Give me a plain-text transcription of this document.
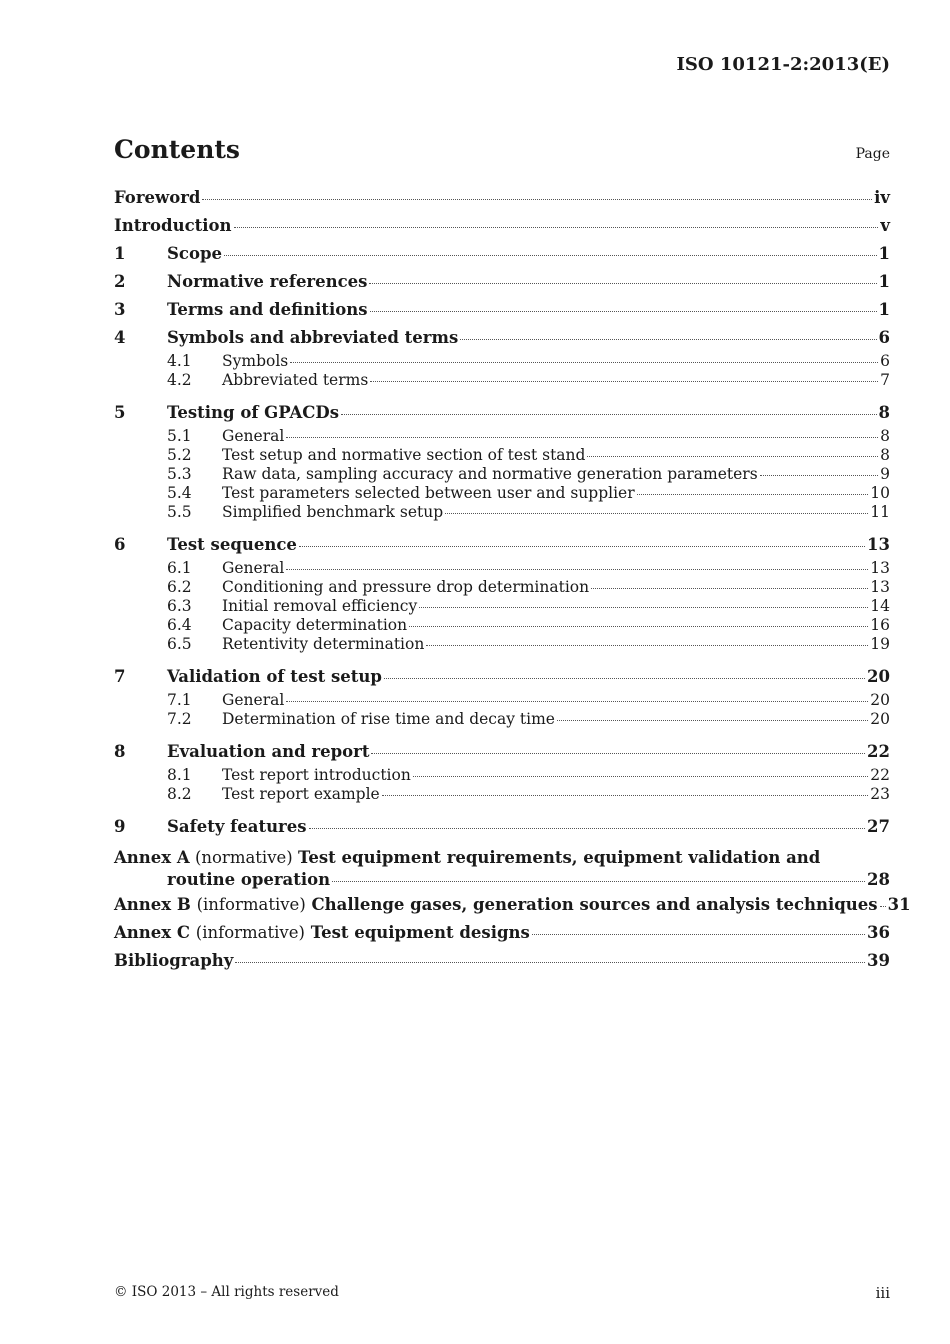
ISO 10121-2:2013(E)
Contents	Page
Foreword	iv
Introduction	v
1	Scope	1
2	Normative references	1
3	Terms and definitions	1
4	Symbols and abbreviated terms	6
4.1	Symbols	6
4.2	Abbreviated terms	7
5	Testing of GPACDs	8
5.1	General	8
5.2	Test setup and normative section of test stand	8
5.3	Raw data, sampling accuracy and normative generation parameters	9
5.4	Test parameters selected between user and supplier	10
5.5	Simplified benchmark setup	11
6	Test sequence	13
6.1	General	13
6.2	Conditioning and pressure drop determination	13
6.3	Initial removal efficiency	14
6.4	Capacity determination	16
6.5	Retentivity determination	19
7	Validation of test setup	20
7.1	General	20
7.2	Determination of rise time and decay time	20
8	Evaluation and report	22
8.1	Test report introduction	22
8.2	Test report example	23
9	Safety features	27
Annex A (normative) Test equipment requirements, equipment validation and
routine operation	28
Annex B (informative) Challenge gases, generation sources and analysis techniques 31
Annex C (informative) Test equipment designs	36
Bibliography	39
© ISO 2013 – All rights reserved	iii
